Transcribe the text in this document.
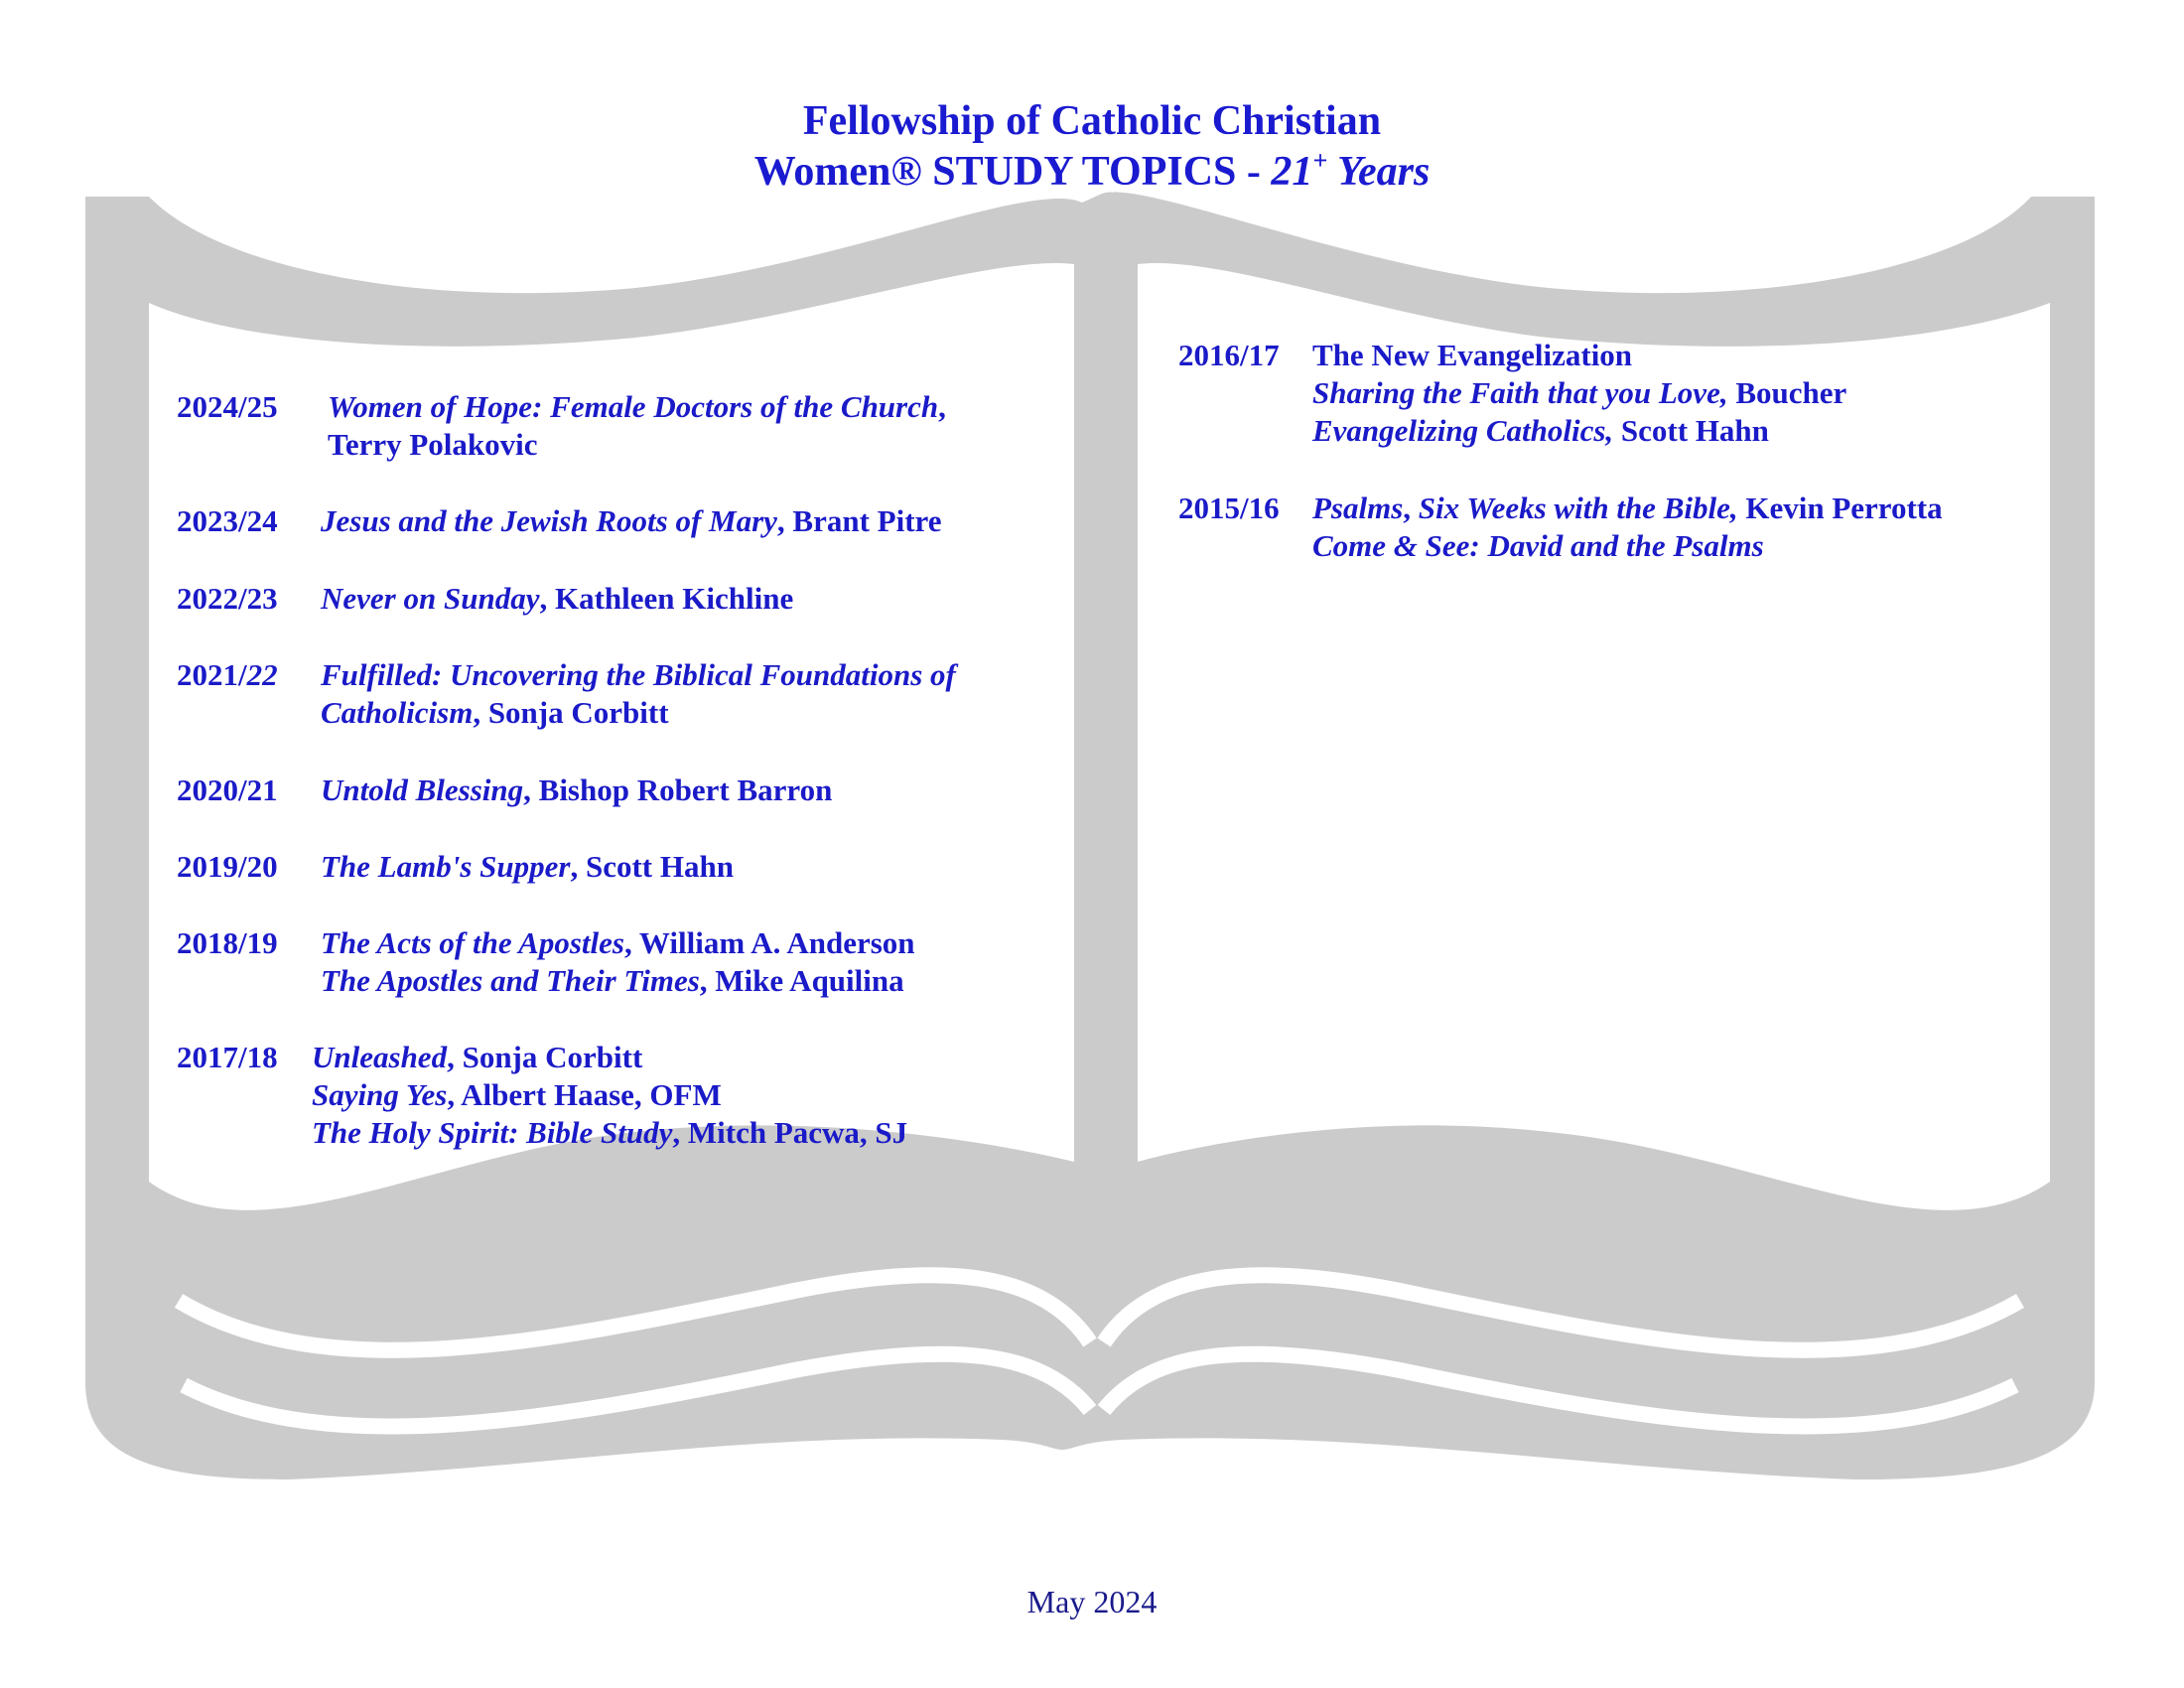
Fellowship of Catholic Christian
Women® STUDY TOPICS - 21+ Years
2024/25 Women of Hope: Female Doctors of the Church,
Terry Polakovic
2023/24 Jesus and the Jewish Roots of Mary, Brant Pitre
2022/23 Never on Sunday, Kathleen Kichline
2021/22 Fulfilled: Uncovering the Biblical Foundations of
Catholicism, Sonja Corbitt
2020/21 Untold Blessing, Bishop Robert Barron
2019/20 The Lamb's Supper, Scott Hahn
2018/19 The Acts of the Apostles, William A. Anderson
The Apostles and Their Times, Mike Aquilina
2017/18 Unleashed, Sonja Corbitt
Saying Yes, Albert Haase, OFM
The Holy Spirit: Bible Study, Mitch Pacwa, SJ
2016/17 The New Evangelization
Sharing the Faith that you Love, Boucher
Evangelizing Catholics, Scott Hahn
2015/16 Psalms, Six Weeks with the Bible, Kevin Perrotta
Come & See: David and the Psalms
May 2024
